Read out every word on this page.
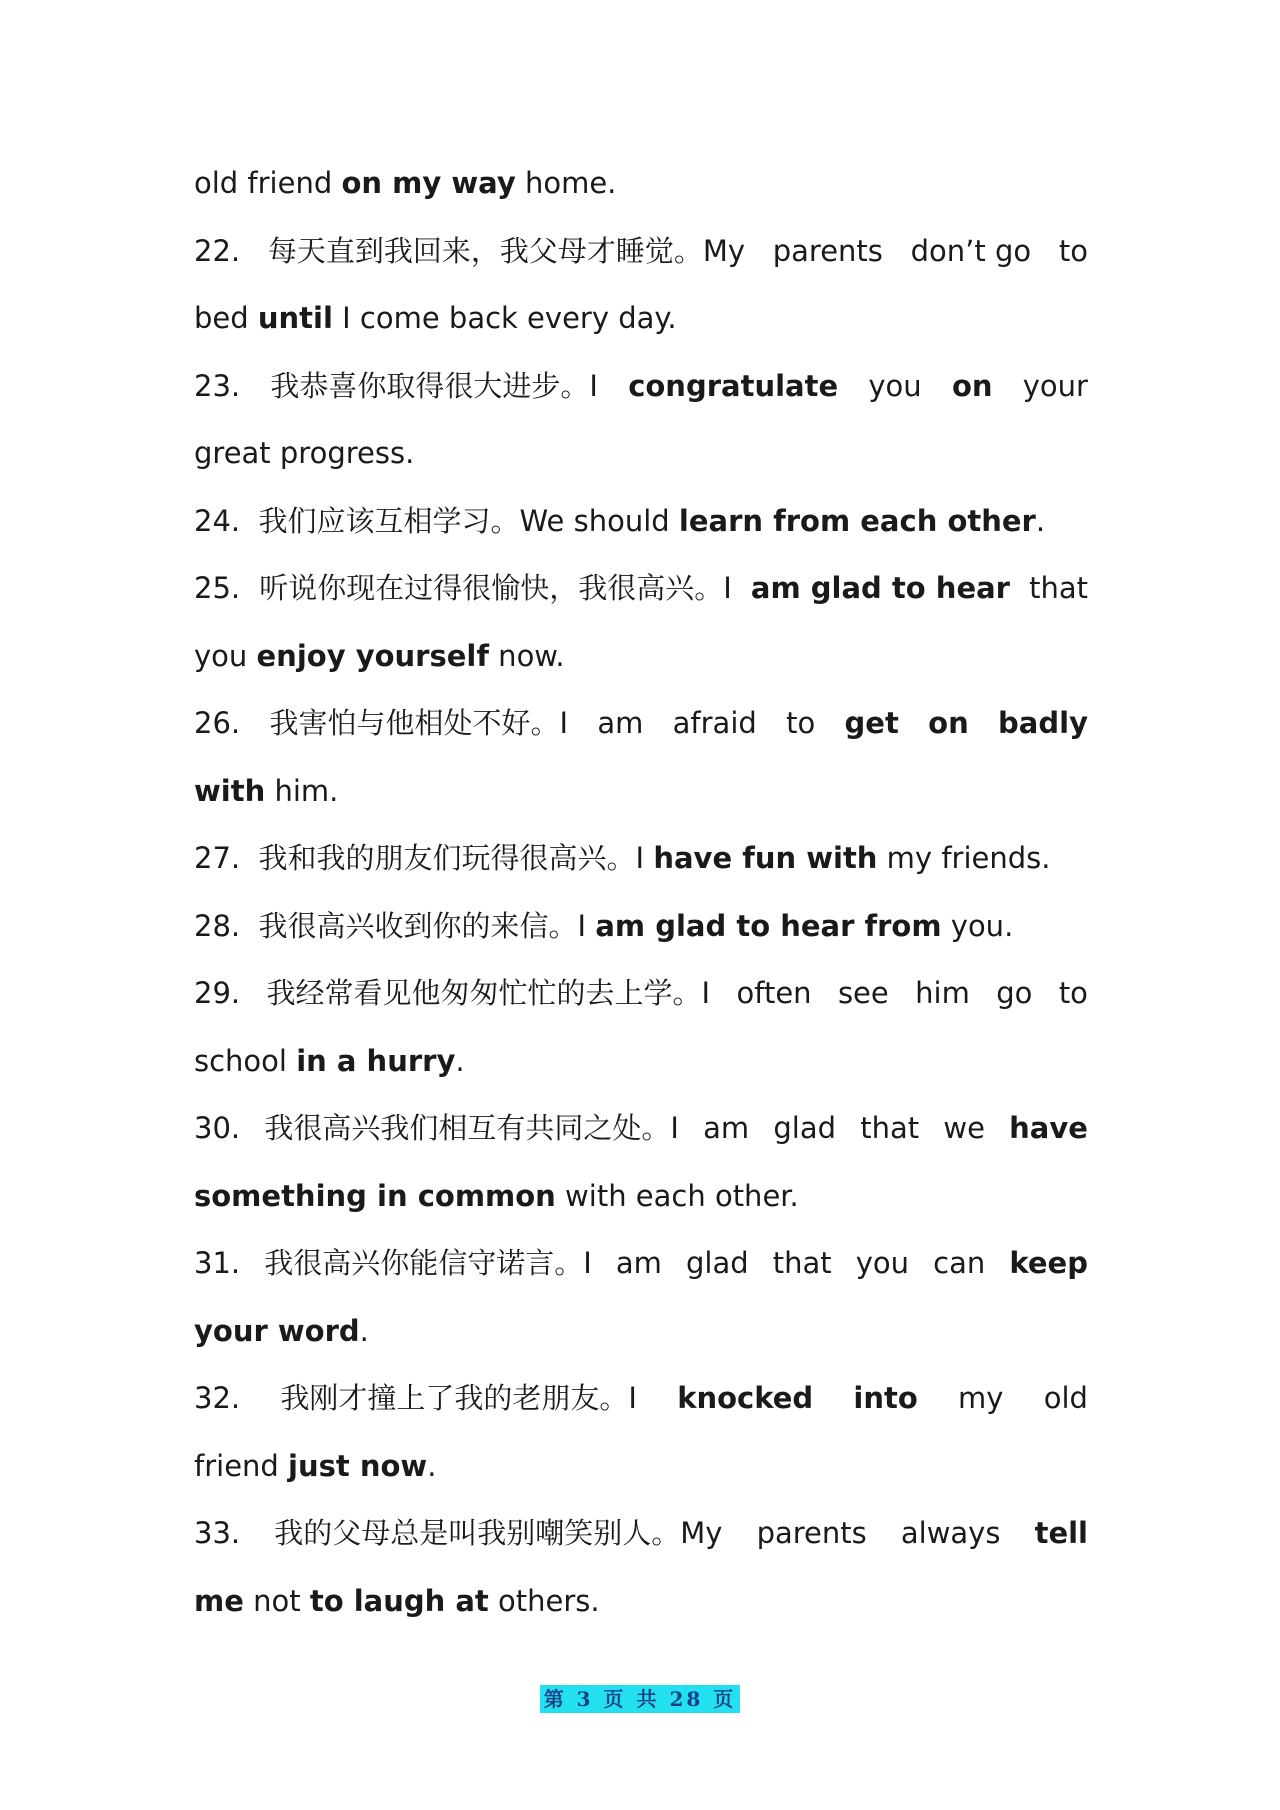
old friend on my way home.
22. 每天直到我回来，我父母才睡觉。My parents don’t go to
bed until I come back every day.
23. 我恭喜你取得很大进步。I congratulate you on your
great progress.
24.  我们应该互相学习。We should learn from each other.
25. 听说你现在过得很愉快，我很高兴。I am glad to hear that
you enjoy yourself now.
26. 我害怕与他相处不好。I am afraid to get on badly
with him.
27.  我和我的朋友们玩得很高兴。I have fun with my friends.
28.  我很高兴收到你的来信。I am glad to hear from you.
29. 我经常看见他匆匆忙忙的去上学。I often see him go to
school in a hurry.
30. 我很高兴我们相互有共同之处。I am glad that we have
something in common with each other.
31. 我很高兴你能信守诺言。I am glad that you can keep
your word.
32. 我刚才撞上了我的老朋友。I knocked into my old
friend just now.
33. 我的父母总是叫我别嘲笑别人。My parents always tell
me not to laugh at others.
第 3 页 共 28 页
